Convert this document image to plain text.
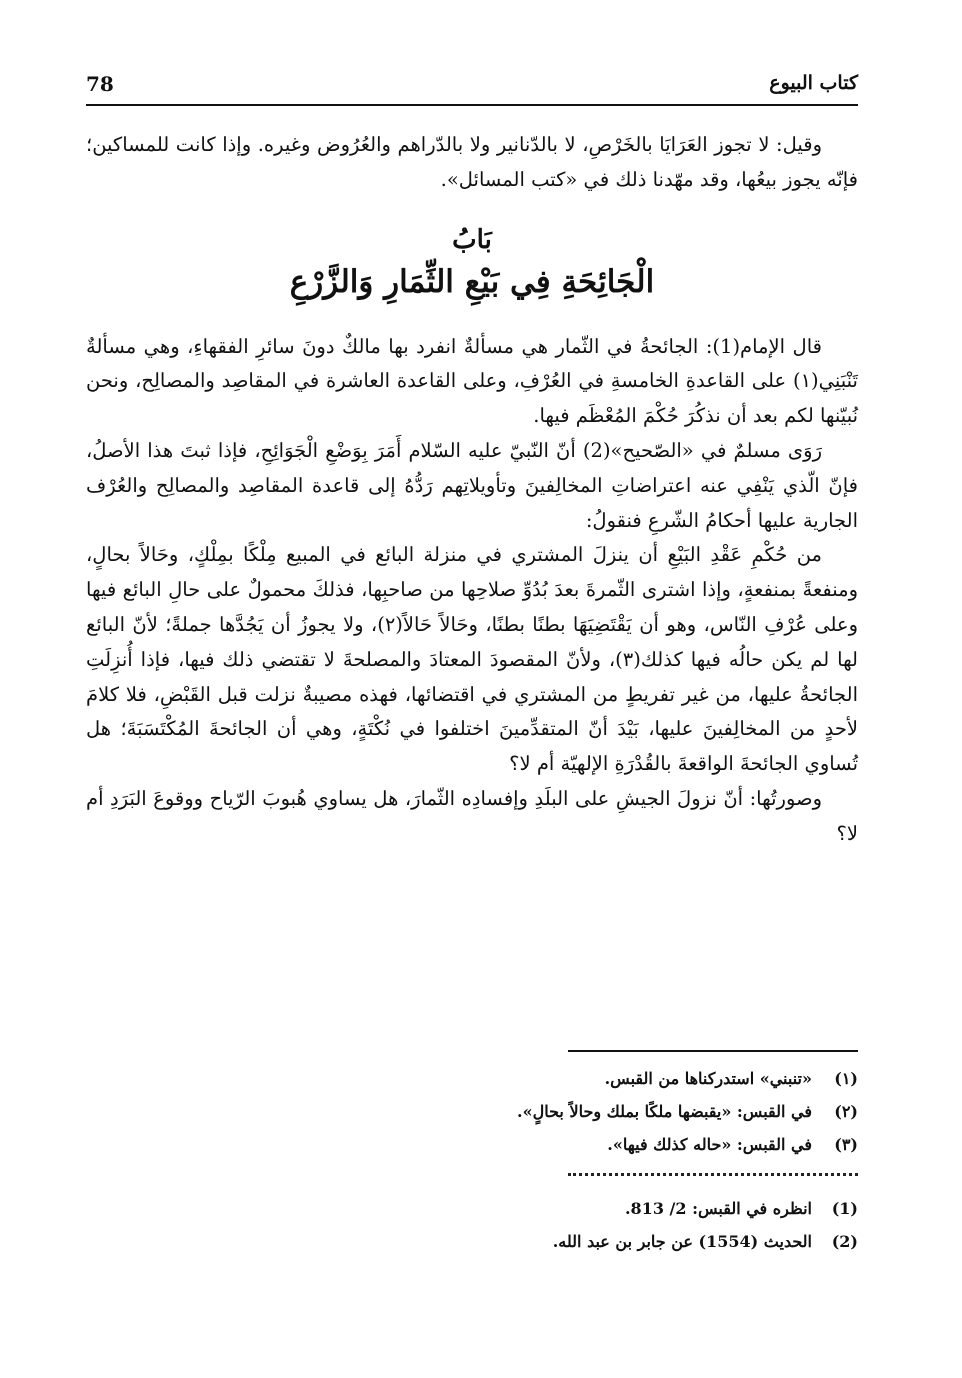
78	كتاب البيوع

وقيل: لا تجوز العَرَايَا بالخَرْصِ، لا بالدّنانير ولا بالدّراهم والعُرُوض وغيره. وإذا كانت للمساكين؛ فإنّه يجوز بيعُها، وقد مهّدنا ذلك في «كتب المسائل».

بَابُ
الْجَائِحَةِ فِي بَيْعِ الثِّمَارِ وَالزَّرْعِ

قال الإمام(1): الجائحةُ في الثّمار هي مسألةٌ انفرد بها مالكٌ دونَ سائرِ الفقهاءِ، وهي مسألةٌ تَنْبَنِي(١) على القاعدةِ الخامسةِ في العُرْفِ، وعلى القاعدة العاشرة في المقاصِد والمصالِح، ونحن نُبيّنها لكم بعد أن نذكُرَ حُكْمَ المُعْظَم فيها.

رَوَى مسلمٌ في «الصّحيح»(2) أنّ النّبيّ عليه السّلام أَمَرَ بِوَضْعِ الْجَوَائِحِ، فإذا ثبتَ هذا الأصلُ، فإنّ الّذي يَنْفِي عنه اعتراضاتِ المخالِفينَ وتأويلاتِهم رَدُّهُ إلى قاعدة المقاصِد والمصالِح والعُرْف الجارية عليها أحكامُ الشّرعِ فنقولُ:

من حُكْمِ عَقْدِ البَيْعِ أن ينزلَ المشتري في منزلة البائع في المبيع مِلْكًا بمِلْكٍ، وحَالاً بحالٍ، ومنفعةً بمنفعةٍ، وإذا اشترى الثّمرةَ بعدَ بُدُوِّ صلاحِها من صاحبِها، فذلكَ محمولٌ على حالِ البائع فيها وعلى عُرْفِ النّاس، وهو أن يَقْتَضِيَهَا بطنًا بطنًا، وحَالاً حَالاً(٢)، ولا يجوزُ أن يَجُدَّها جملةً؛ لأنّ البائع لها لم يكن حالُه فيها كذلك(٣)، ولأنّ المقصودَ المعتادَ والمصلحةَ لا تقتضي ذلك فيها، فإذا أُنزِلَتِ الجائحةُ عليها، من غير تفريطٍ من المشتري في اقتضائها، فهذه مصيبةٌ نزلت قبل القَبْضِ، فلا كلامَ لأحدٍ من المخالِفينَ عليها، بَيْدَ أنّ المتقدِّمينَ اختلفوا في نُكْتَةٍ، وهي أن الجائحةَ المُكْتَسَبَةَ؛ هل تُساوي الجائحةَ الواقعةَ بالقُدْرَةِ الإلهيّة أم لا؟

وصورتُها: أنّ نزولَ الجيشِ على البلَدِ وإفسادِه الثّمارَ، هل يساوي هُبوبَ الرّياح ووقوعَ البَرَدِ أم لا؟

(١)
«تنبني» استدركناها من القبس.
(٢)
في القبس: «يقبضها ملكًا بملك وحالاً بحالٍ».
(٣)
في القبس: «حاله كذلك فيها».
(1)
انظره في القبس: 2/ 813.
(2)
الحديث (1554) عن جابر بن عبد الله.
